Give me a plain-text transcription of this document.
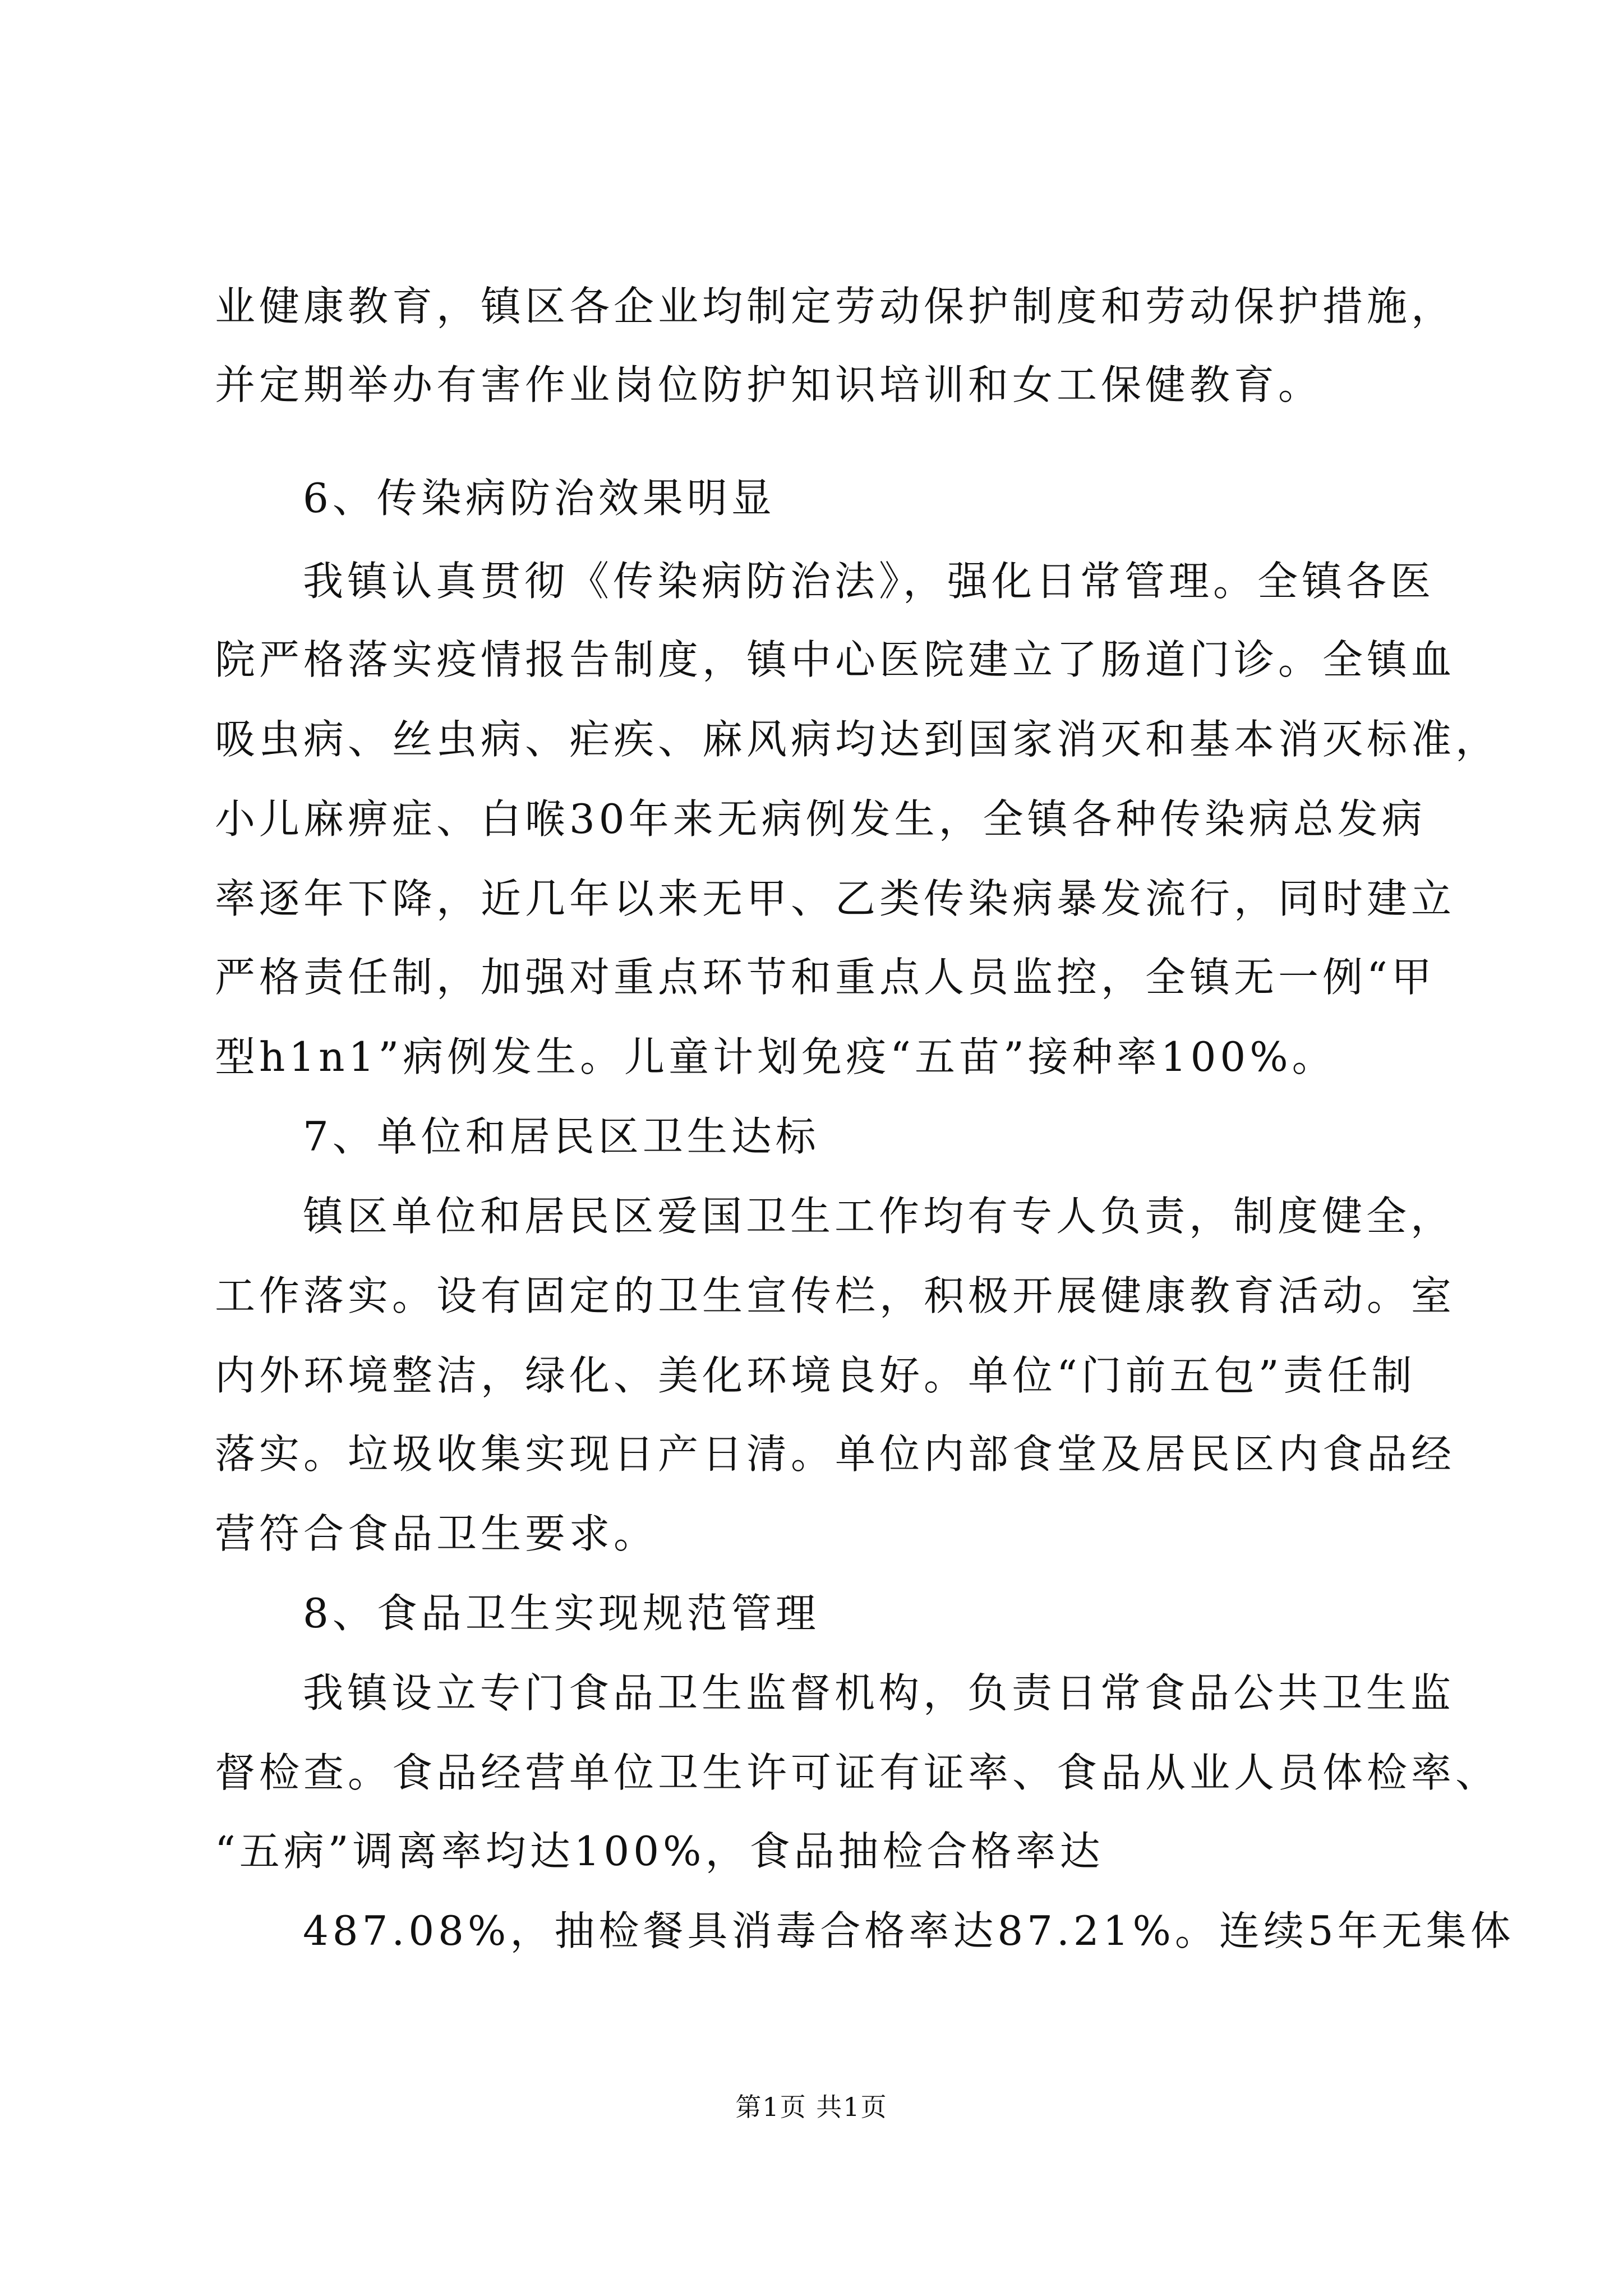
业健康教育，镇区各企业均制定劳动保护制度和劳动保护措施，
并定期举办有害作业岗位防护知识培训和女工保健教育。
6、传染病防治效果明显
我镇认真贯彻《传染病防治法》，强化日常管理。全镇各医
院严格落实疫情报告制度，镇中心医院建立了肠道门诊。全镇血
吸虫病、丝虫病、疟疾、麻风病均达到国家消灭和基本消灭标准，
小儿麻痹症、白喉30年来无病例发生，全镇各种传染病总发病
率逐年下降，近几年以来无甲、乙类传染病暴发流行，同时建立
严格责任制，加强对重点环节和重点人员监控，全镇无一例“甲
型h1n1”病例发生。儿童计划免疫“五苗”接种率100%。
7、单位和居民区卫生达标
镇区单位和居民区爱国卫生工作均有专人负责，制度健全，
工作落实。设有固定的卫生宣传栏，积极开展健康教育活动。室
内外环境整洁，绿化、美化环境良好。单位“门前五包”责任制
落实。垃圾收集实现日产日清。单位内部食堂及居民区内食品经
营符合食品卫生要求。
8、食品卫生实现规范管理
我镇设立专门食品卫生监督机构，负责日常食品公共卫生监
督检查。食品经营单位卫生许可证有证率、食品从业人员体检率、
“五病”调离率均达100%，食品抽检合格率达
487.08%，抽检餐具消毒合格率达87.21%。连续5年无集体
第1页 共1页
